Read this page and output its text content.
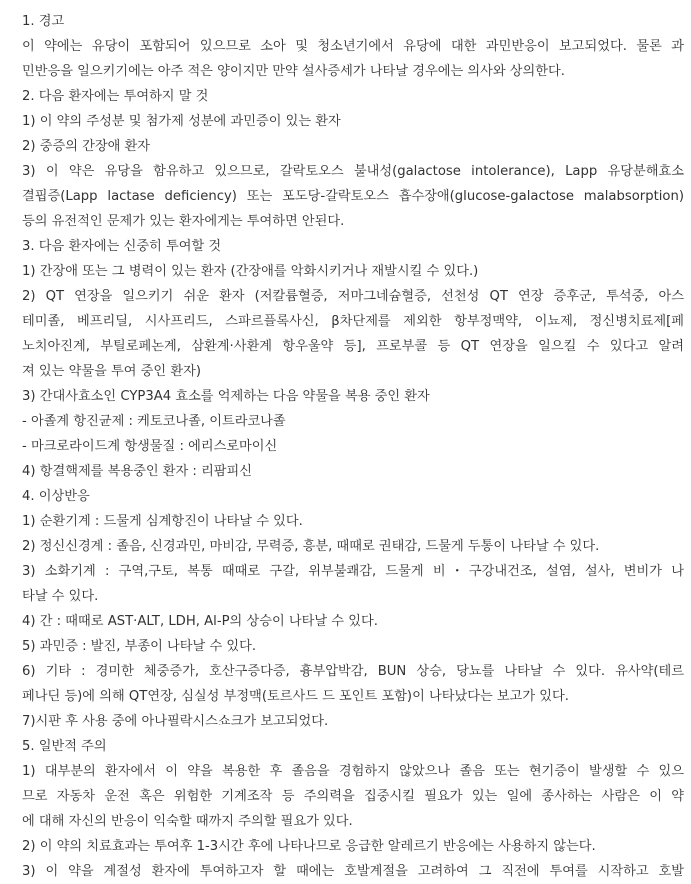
1. 경고
이 약에는 유당이 포함되어 있으므로 소아 및 청소년기에서 유당에 대한 과민반응이 보고되었다. 물론 과
민반응을 일으키기에는 아주 적은 양이지만 만약 설사증세가 나타날 경우에는 의사와 상의한다.
2. 다음 환자에는 투여하지 말 것
1) 이 약의 주성분 및 첨가제 성분에 과민증이 있는 환자
2) 중증의 간장애 환자
3) 이 약은 유당을 함유하고 있으므로, 갈락토오스 불내성(galactose intolerance), Lapp 유당분해효소
결핍증(Lapp lactase deficiency) 또는 포도당-갈락토오스 흡수장애(glucose-galactose malabsorption)
등의 유전적인 문제가 있는 환자에게는 투여하면 안된다.
3. 다음 환자에는 신중히 투여할 것
1) 간장애 또는 그 병력이 있는 환자 (간장애를 악화시키거나 재발시킬 수 있다.)
2) QT 연장을 일으키기 쉬운 환자 (저칼륨혈증, 저마그네슘혈증, 선천성 QT 연장 증후군, 투석중, 아스
테미졸, 베프리딜, 시사프리드, 스파르플록사신, β차단제를 제외한 항부정맥약, 이뇨제, 정신병치료제[페
노치아진계, 부틸로페논계, 삼환계·사환계 항우울약 등], 프로부콜 등 QT 연장을 일으킬 수 있다고 알려
져 있는 약물을 투여 중인 환자)
3) 간대사효소인 CYP3A4 효소를 억제하는 다음 약물을 복용 중인 환자
- 아졸계 항진균제 : 케토코나졸, 이트라코나졸
- 마크로라이드계 항생물질 : 에리스로마이신
4) 항결핵제를 복용중인 환자 : 리팜피신
4. 이상반응
1) 순환기계 : 드물게 심계항진이 나타날 수 있다.
2) 정신신경계 : 졸음, 신경과민, 마비감, 무력증, 흥분, 때때로 권태감, 드물게 두통이 나타날 수 있다.
3) 소화기계 : 구역,구토, 복통 때때로 구갈, 위부불쾌감, 드물게 비・구강내건조, 설염, 설사, 변비가 나
타날 수 있다.
4) 간 : 때때로 AST·ALT, LDH, Al-P의 상승이 나타날 수 있다.
5) 과민증 : 발진, 부종이 나타날 수 있다.
6) 기타 : 경미한 체중증가, 호산구증다증, 흉부압박감, BUN 상승, 당뇨를 나타날 수 있다. 유사약(테르
페나딘 등)에 의해 QT연장, 심실성 부정맥(토르사드 드 포인트 포함)이 나타났다는 보고가 있다.
7)시판 후 사용 중에 아나필락시스쇼크가 보고되었다.
5. 일반적 주의
1) 대부분의 환자에서 이 약을 복용한 후 졸음을 경험하지 않았으나 졸음 또는 현기증이 발생할 수 있으
므로 자동차 운전 혹은 위험한 기계조작 등 주의력을 집중시킬 필요가 있는 일에 종사하는 사람은 이 약
에 대해 자신의 반응이 익숙할 때까지 주의할 필요가 있다.
2) 이 약의 치료효과는 투여후 1-3시간 후에 나타나므로 응급한 알레르기 반응에는 사용하지 않는다.
3) 이 약을 계절성 환자에 투여하고자 할 때에는 호발계절을 고려하여 그 직전에 투여를 시작하고 호발
